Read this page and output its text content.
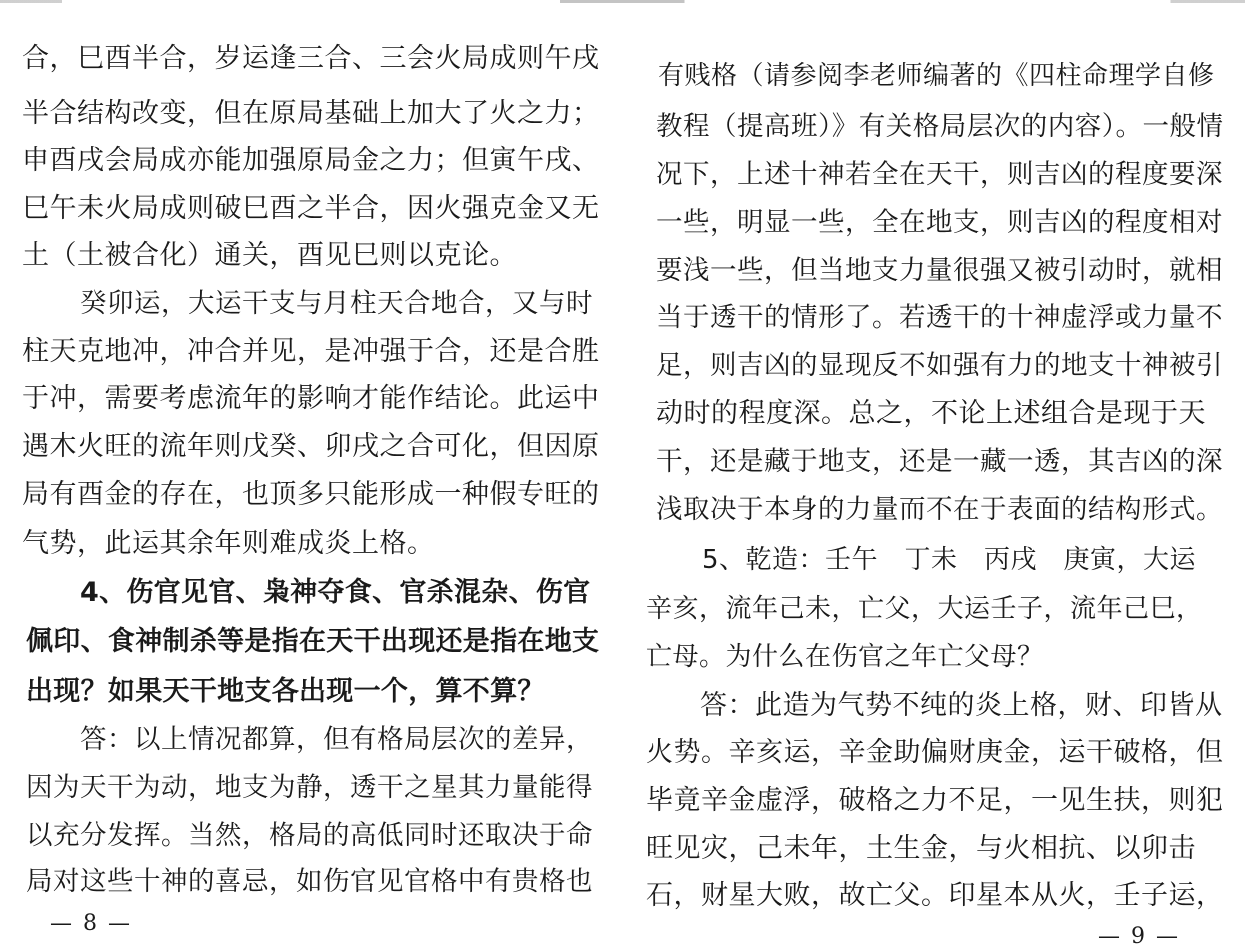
合，巳酉半合，岁运逢三合、三会火局成则午戌
半合结构改变，但在原局基础上加大了火之力；
申酉戌会局成亦能加强原局金之力；但寅午戌、
巳午未火局成则破巳酉之半合，因火强克金又无
土（土被合化）通关，酉见巳则以克论。
癸卯运，大运干支与月柱天合地合，又与时
柱天克地冲，冲合并见，是冲强于合，还是合胜
于冲，需要考虑流年的影响才能作结论。此运中
遇木火旺的流年则戊癸、卯戌之合可化，但因原
局有酉金的存在，也顶多只能形成一种假专旺的
气势，此运其余年则难成炎上格。
4、伤官见官、枭神夺食、官杀混杂、伤官
佩印、食神制杀等是指在天干出现还是指在地支
出现？如果天干地支各出现一个，算不算？
答：以上情况都算，但有格局层次的差异，
因为天干为动，地支为静，透干之星其力量能得
以充分发挥。当然，格局的高低同时还取决于命
局对这些十神的喜忌，如伤官见官格中有贵格也
— 8 —
有贱格（请参阅李老师编著的《四柱命理学自修
教程（提高班）》有关格局层次的内容）。一般情
况下，上述十神若全在天干，则吉凶的程度要深
一些，明显一些，全在地支，则吉凶的程度相对
要浅一些，但当地支力量很强又被引动时，就相
当于透干的情形了。若透干的十神虚浮或力量不
足，则吉凶的显现反不如强有力的地支十神被引
动时的程度深。总之，不论上述组合是现于天
干，还是藏于地支，还是一藏一透，其吉凶的深
浅取决于本身的力量而不在于表面的结构形式。
5、乾造：壬午　丁未　丙戌　庚寅，大运
辛亥，流年己未，亡父，大运壬子，流年己巳，
亡母。为什么在伤官之年亡父母？
答：此造为气势不纯的炎上格，财、印皆从
火势。辛亥运，辛金助偏财庚金，运干破格，但
毕竟辛金虚浮，破格之力不足，一见生扶，则犯
旺见灾，己未年，土生金，与火相抗、以卯击
石，财星大败，故亡父。印星本从火，壬子运，
— 9 —
